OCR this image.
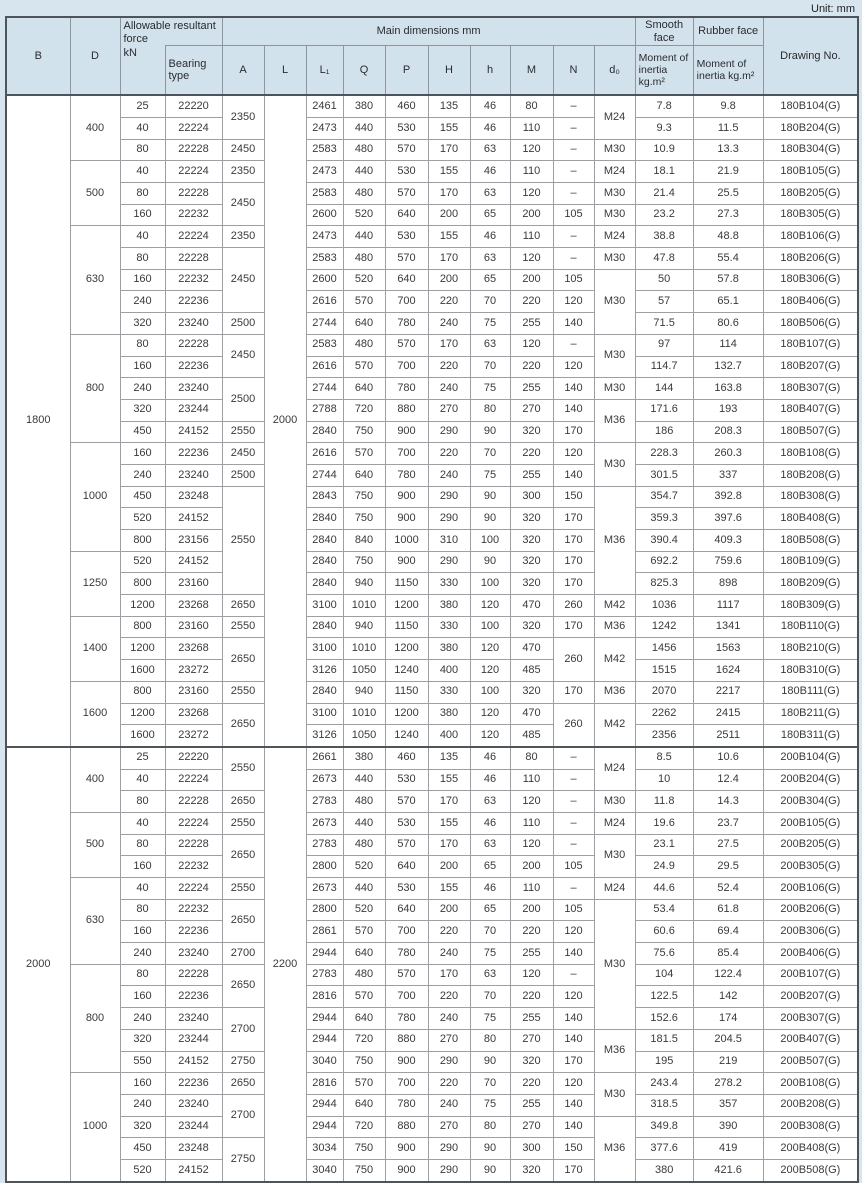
Unit: mm
B	D	Allowable resultant force		Main dimensions mm										Smooth face	Rubber face	Drawing No.
		kN	Bearing type	A	L	L₁	Q	P	H	h	M	N	d₀	Moment of inertia kg.m²	Moment of inertia kg.m²	
1800	400	25	22220	2350	2000	2461	380	460	135	46	80	–	M24	7.8	9.8	180B104(G)
		40	22224			2473	440	530	155	46	110	–		9.3	11.5	180B204(G)
		80	22228	2450		2583	480	570	170	63	120	–	M30	10.9	13.3	180B304(G)
	500	40	22224	2350		2473	440	530	155	46	110	–	M24	18.1	21.9	180B105(G)
		80	22228	2450		2583	480	570	170	63	120	–	M30	21.4	25.5	180B205(G)
		160	22232			2600	520	640	200	65	200	105	M30	23.2	27.3	180B305(G)
	630	40	22224	2350		2473	440	530	155	46	110	–	M24	38.8	48.8	180B106(G)
		80	22228	2450		2583	480	570	170	63	120	–	M30	47.8	55.4	180B206(G)
		160	22232			2600	520	640	200	65	200	105	M30	50	57.8	180B306(G)
		240	22236			2616	570	700	220	70	220	120		57	65.1	180B406(G)
		320	23240	2500		2744	640	780	240	75	255	140		71.5	80.6	180B506(G)
	800	80	22228	2450		2583	480	570	170	63	120	–	M30	97	114	180B107(G)
		160	22236			2616	570	700	220	70	220	120		114.7	132.7	180B207(G)
		240	23240	2500		2744	640	780	240	75	255	140	M30	144	163.8	180B307(G)
		320	23244			2788	720	880	270	80	270	140	M36	171.6	193	180B407(G)
		450	24152	2550		2840	750	900	290	90	320	170		186	208.3	180B507(G)
	1000	160	22236	2450		2616	570	700	220	70	220	120	M30	228.3	260.3	180B108(G)
		240	23240	2500		2744	640	780	240	75	255	140		301.5	337	180B208(G)
		450	23248	2550		2843	750	900	290	90	300	150	M36	354.7	392.8	180B308(G)
		520	24152			2840	750	900	290	90	320	170		359.3	397.6	180B408(G)
		800	23156			2840	840	1000	310	100	320	170		390.4	409.3	180B508(G)
	1250	520	24152			2840	750	900	290	90	320	170		692.2	759.6	180B109(G)
		800	23160			2840	940	1150	330	100	320	170		825.3	898	180B209(G)
		1200	23268	2650		3100	1010	1200	380	120	470	260	M42	1036	1117	180B309(G)
	1400	800	23160	2550		2840	940	1150	330	100	320	170	M36	1242	1341	180B110(G)
		1200	23268	2650		3100	1010	1200	380	120	470	260	M42	1456	1563	180B210(G)
		1600	23272			3126	1050	1240	400	120	485			1515	1624	180B310(G)
	1600	800	23160	2550		2840	940	1150	330	100	320	170	M36	2070	2217	180B111(G)
		1200	23268	2650		3100	1010	1200	380	120	470	260	M42	2262	2415	180B211(G)
		1600	23272			3126	1050	1240	400	120	485			2356	2511	180B311(G)
2000	400	25	22220	2550	2200	2661	380	460	135	46	80	–	M24	8.5	10.6	200B104(G)
		40	22224			2673	440	530	155	46	110	–		10	12.4	200B204(G)
		80	22228	2650		2783	480	570	170	63	120	–	M30	11.8	14.3	200B304(G)
	500	40	22224	2550		2673	440	530	155	46	110	–	M24	19.6	23.7	200B105(G)
		80	22228	2650		2783	480	570	170	63	120	–	M30	23.1	27.5	200B205(G)
		160	22232			2800	520	640	200	65	200	105		24.9	29.5	200B305(G)
	630	40	22224	2550		2673	440	530	155	46	110	–	M24	44.6	52.4	200B106(G)
		80	22232	2650		2800	520	640	200	65	200	105	M30	53.4	61.8	200B206(G)
		160	22236			2861	570	700	220	70	220	120		60.6	69.4	200B306(G)
		240	23240	2700		2944	640	780	240	75	255	140		75.6	85.4	200B406(G)
	800	80	22228	2650		2783	480	570	170	63	120	–		104	122.4	200B107(G)
		160	22236			2816	570	700	220	70	220	120		122.5	142	200B207(G)
		240	23240	2700		2944	640	780	240	75	255	140		152.6	174	200B307(G)
		320	23244			2944	720	880	270	80	270	140	M36	181.5	204.5	200B407(G)
		550	24152	2750		3040	750	900	290	90	320	170		195	219	200B507(G)
	1000	160	22236	2650		2816	570	700	220	70	220	120	M30	243.4	278.2	200B108(G)
		240	23240	2700		2944	640	780	240	75	255	140		318.5	357	200B208(G)
		320	23244			2944	720	880	270	80	270	140	M36	349.8	390	200B308(G)
		450	23248	2750		3034	750	900	290	90	300	150		377.6	419	200B408(G)
		520	24152			3040	750	900	290	90	320	170		380	421.6	200B508(G)
